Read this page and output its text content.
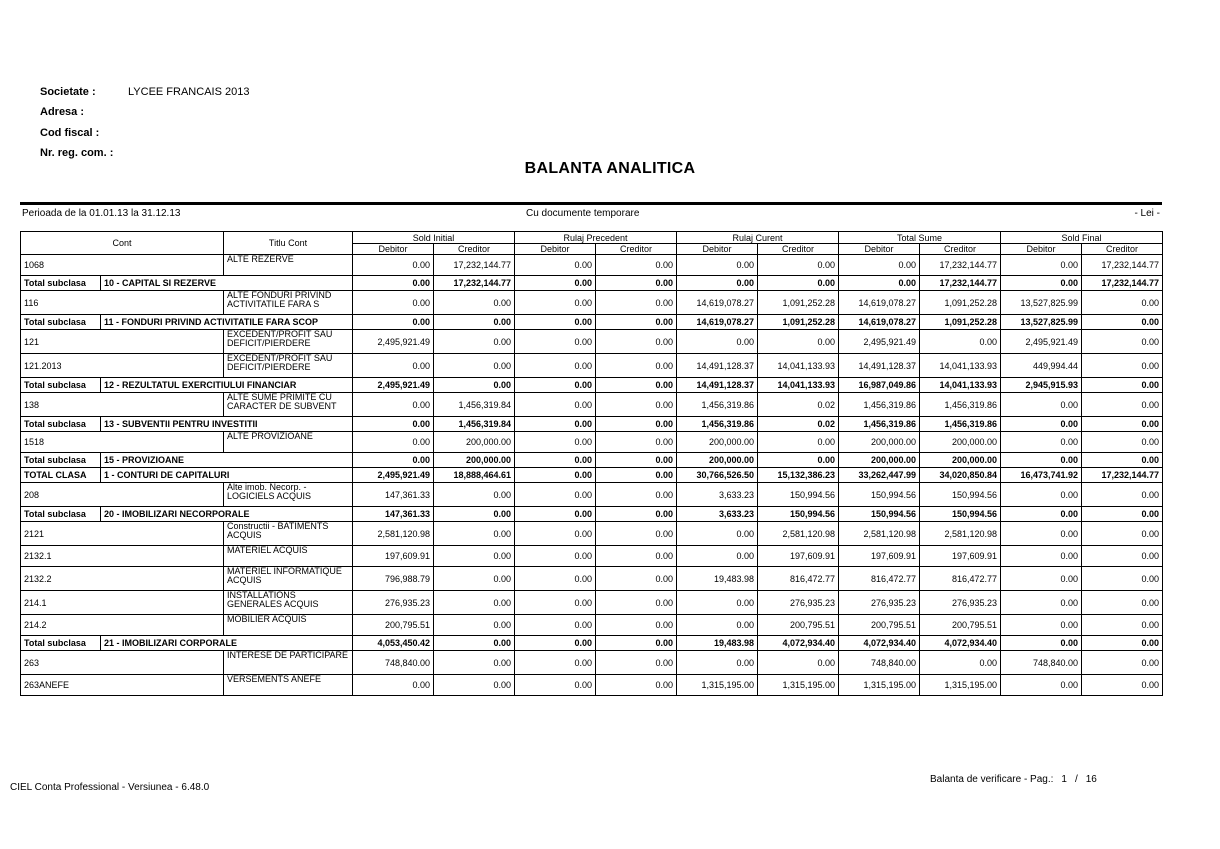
Societate :	LYCEE FRANCAIS 2013
Adresa :
Cod fiscal :
Nr. reg. com. :
BALANTA ANALITICA
Perioada de la 01.01.13 la 31.12.13	Cu documente temporare	- Lei -
Cont		Titlu Cont	Sold Initial		Rulaj Precedent		Rulaj Curent		Total Sume		Sold Final	
			Debitor	Creditor	Debitor	Creditor	Debitor	Creditor	Debitor	Creditor	Debitor	Creditor
1068		ALTE REZERVE	0.00	17,232,144.77	0.00	0.00	0.00	0.00	0.00	17,232,144.77	0.00	17,232,144.77
Total subclasa	10 - CAPITAL SI REZERVE		0.00	17,232,144.77	0.00	0.00	0.00	0.00	0.00	17,232,144.77	0.00	17,232,144.77
116		ALTE FONDURI PRIVIND ACTIVITATILE FARA S	0.00	0.00	0.00	0.00	14,619,078.27	1,091,252.28	14,619,078.27	1,091,252.28	13,527,825.99	0.00
Total subclasa	11 - FONDURI PRIVIND ACTIVITATILE FARA SCOP		0.00	0.00	0.00	0.00	14,619,078.27	1,091,252.28	14,619,078.27	1,091,252.28	13,527,825.99	0.00
121		EXCEDENT/PROFIT SAU DEFICIT/PIERDERE	2,495,921.49	0.00	0.00	0.00	0.00	0.00	2,495,921.49	0.00	2,495,921.49	0.00
121.2013		EXCEDENT/PROFIT SAU DEFICIT/PIERDERE	0.00	0.00	0.00	0.00	14,491,128.37	14,041,133.93	14,491,128.37	14,041,133.93	449,994.44	0.00
Total subclasa	12 - REZULTATUL EXERCITIULUI FINANCIAR		2,495,921.49	0.00	0.00	0.00	14,491,128.37	14,041,133.93	16,987,049.86	14,041,133.93	2,945,915.93	0.00
138		ALTE SUME PRIMITE CU CARACTER DE SUBVENT	0.00	1,456,319.84	0.00	0.00	1,456,319.86	0.02	1,456,319.86	1,456,319.86	0.00	0.00
Total subclasa	13 - SUBVENTII PENTRU INVESTITII		0.00	1,456,319.84	0.00	0.00	1,456,319.86	0.02	1,456,319.86	1,456,319.86	0.00	0.00
1518		ALTE PROVIZIOANE	0.00	200,000.00	0.00	0.00	200,000.00	0.00	200,000.00	200,000.00	0.00	0.00
Total subclasa	15 - PROVIZIOANE		0.00	200,000.00	0.00	0.00	200,000.00	0.00	200,000.00	200,000.00	0.00	0.00
TOTAL CLASA	1 - CONTURI DE CAPITALURI		2,495,921.49	18,888,464.61	0.00	0.00	30,766,526.50	15,132,386.23	33,262,447.99	34,020,850.84	16,473,741.92	17,232,144.77
208		Alte imob. Necorp. - LOGICIELS ACQUIS	147,361.33	0.00	0.00	0.00	3,633.23	150,994.56	150,994.56	150,994.56	0.00	0.00
Total subclasa	20 - IMOBILIZARI NECORPORALE		147,361.33	0.00	0.00	0.00	3,633.23	150,994.56	150,994.56	150,994.56	0.00	0.00
2121		Constructii - BATIMENTS ACQUIS	2,581,120.98	0.00	0.00	0.00	0.00	2,581,120.98	2,581,120.98	2,581,120.98	0.00	0.00
2132.1		MATERIEL ACQUIS	197,609.91	0.00	0.00	0.00	0.00	197,609.91	197,609.91	197,609.91	0.00	0.00
2132.2		MATERIEL INFORMATIQUE ACQUIS	796,988.79	0.00	0.00	0.00	19,483.98	816,472.77	816,472.77	816,472.77	0.00	0.00
214.1		INSTALLATIONS GENERALES ACQUIS	276,935.23	0.00	0.00	0.00	0.00	276,935.23	276,935.23	276,935.23	0.00	0.00
214.2		MOBILIER ACQUIS	200,795.51	0.00	0.00	0.00	0.00	200,795.51	200,795.51	200,795.51	0.00	0.00
Total subclasa	21 - IMOBILIZARI CORPORALE		4,053,450.42	0.00	0.00	0.00	19,483.98	4,072,934.40	4,072,934.40	4,072,934.40	0.00	0.00
263		INTERESE DE PARTICIPARE	748,840.00	0.00	0.00	0.00	0.00	0.00	748,840.00	0.00	748,840.00	0.00
263ANEFE		VERSEMENTS ANEFE	0.00	0.00	0.00	0.00	1,315,195.00	1,315,195.00	1,315,195.00	1,315,195.00	0.00	0.00
CIEL Conta Professional - Versiunea - 6.48.0
Balanta de verificare - Pag.: 1 / 16
